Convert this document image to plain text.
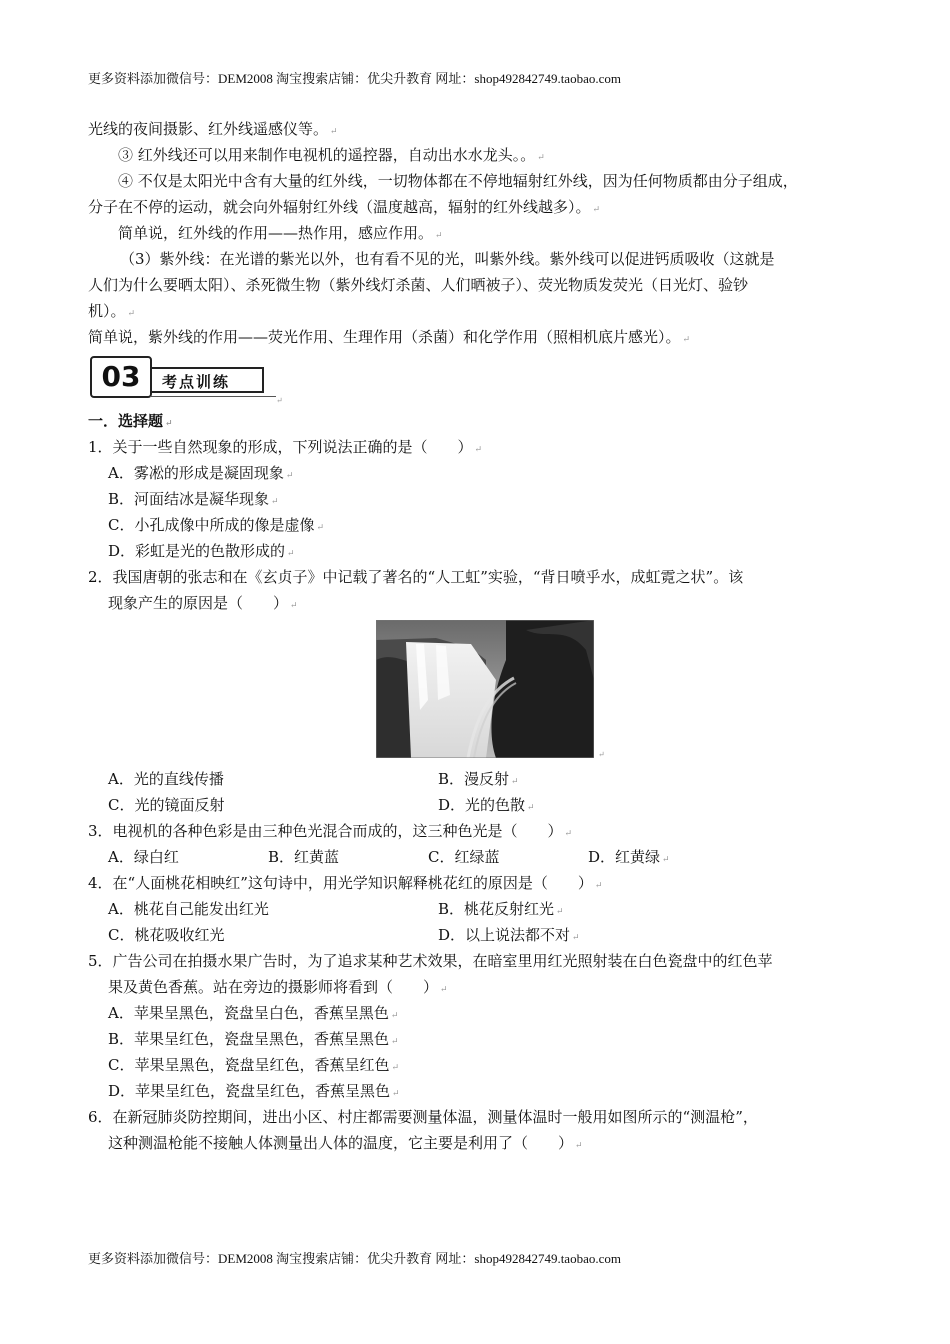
更多资料添加微信号：DEM2008 淘宝搜索店铺：优尖升教育 网址：shop492842749.taobao.com
光线的夜间摄影、红外线遥感仪等。 ↵
③ 红外线还可以用来制作电视机的遥控器，自动出水水龙头。。 ↵
④ 不仅是太阳光中含有大量的红外线，一切物体都在不停地辐射红外线，因为任何物质都由分子组成，
分子在不停的运动，就会向外辐射红外线（温度越高，辐射的红外线越多）。 ↵
简单说，红外线的作用——热作用，感应作用。 ↵
（3）紫外线：在光谱的紫光以外，也有看不见的光，叫紫外线。紫外线可以促进钙质吸收（这就是
人们为什么要晒太阳）、杀死微生物（紫外线灯杀菌、人们晒被子）、荧光物质发荧光（日光灯、验钞
机）。 ↵
简单说，紫外线的作用——荧光作用、生理作用（杀菌）和化学作用（照相机底片感光）。 ↵
03	考点训练
↵
一．选择题 ↵
1．关于一些自然现象的形成，下列说法正确的是（　　） ↵
A．雾凇的形成是凝固现象 ↵
B．河面结冰是凝华现象 ↵
C．小孔成像中所成的像是虚像 ↵
D．彩虹是光的色散形成的 ↵
2．我国唐朝的张志和在《玄贞子》中记载了著名的“人工虹”实验，“背日喷乎水，成虹霓之状”。该
现象产生的原因是（　　） ↵
↵
A．光的直线传播	B．漫反射 ↵
C．光的镜面反射	D．光的色散 ↵
3．电视机的各种色彩是由三种色光混合而成的，这三种色光是（　　） ↵
A．绿白红	B．红黄蓝	C．红绿蓝	D．红黄绿 ↵
4．在“人面桃花相映红”这句诗中，用光学知识解释桃花红的原因是（　　） ↵
A．桃花自己能发出红光	B．桃花反射红光 ↵
C．桃花吸收红光	D．以上说法都不对 ↵
5．广告公司在拍摄水果广告时，为了追求某种艺术效果，在暗室里用红光照射装在白色瓷盘中的红色苹
果及黄色香蕉。站在旁边的摄影师将看到（　　） ↵
A．苹果呈黑色，瓷盘呈白色，香蕉呈黑色 ↵
B．苹果呈红色，瓷盘呈黑色，香蕉呈黑色 ↵
C．苹果呈黑色，瓷盘呈红色，香蕉呈红色 ↵
D．苹果呈红色，瓷盘呈红色，香蕉呈黑色 ↵
6．在新冠肺炎防控期间，进出小区、村庄都需要测量体温，测量体温时一般用如图所示的“测温枪”，
这种测温枪能不接触人体测量出人体的温度，它主要是利用了（　　） ↵
更多资料添加微信号：DEM2008 淘宝搜索店铺：优尖升教育 网址：shop492842749.taobao.com
